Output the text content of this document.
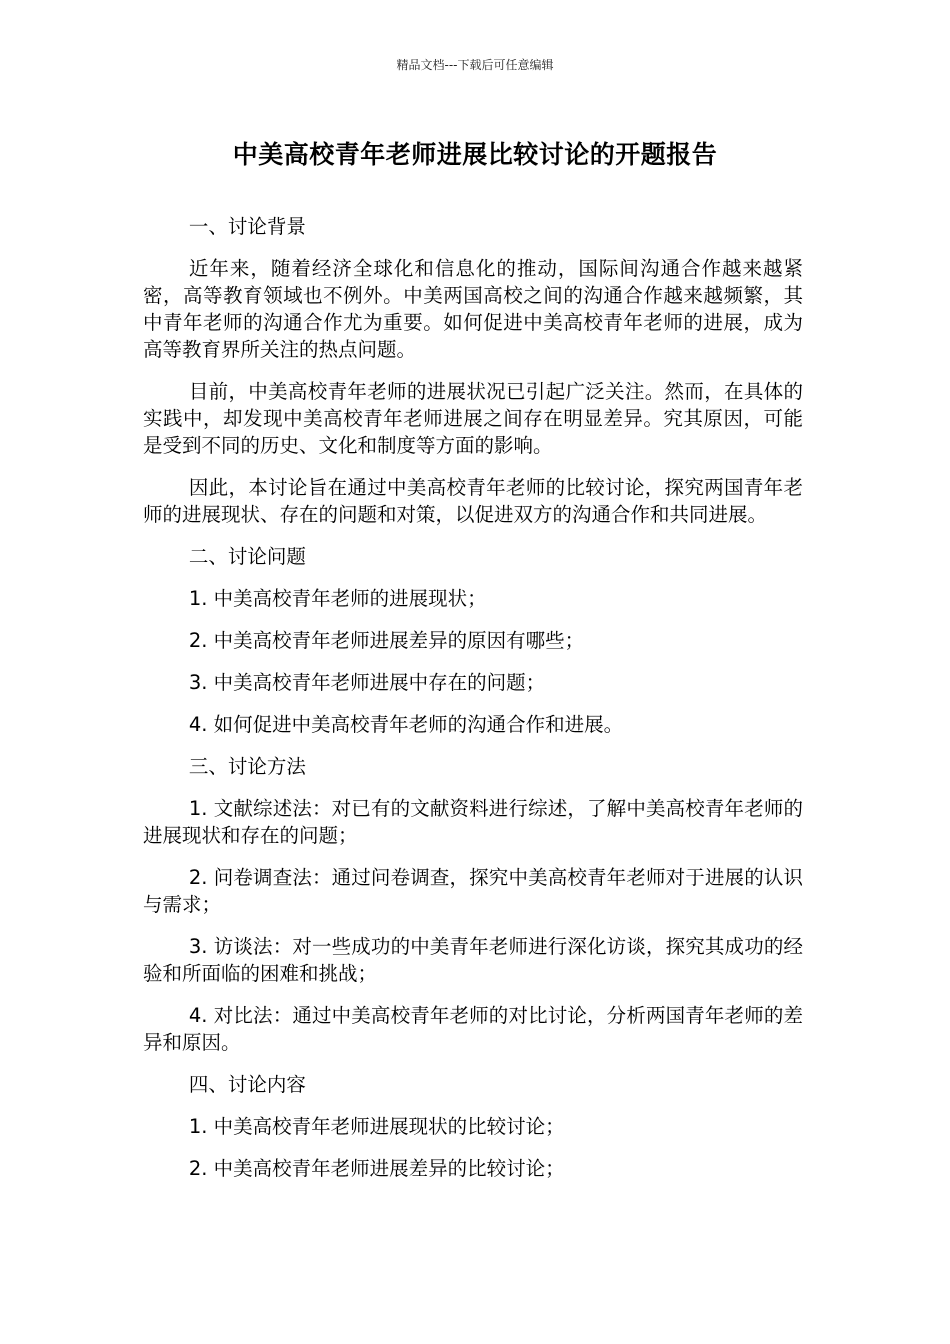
精品文档---下载后可任意编辑
中美高校青年老师进展比较讨论的开题报告

一、讨论背景

近年来，随着经济全球化和信息化的推动，国际间沟通合作越来越紧密，高等教育领域也不例外。中美两国高校之间的沟通合作越来越频繁，其中青年老师的沟通合作尤为重要。如何促进中美高校青年老师的进展，成为高等教育界所关注的热点问题。

目前，中美高校青年老师的进展状况已引起广泛关注。然而，在具体的实践中，却发现中美高校青年老师进展之间存在明显差异。究其原因，可能是受到不同的历史、文化和制度等方面的影响。

因此，本讨论旨在通过中美高校青年老师的比较讨论，探究两国青年老师的进展现状、存在的问题和对策，以促进双方的沟通合作和共同进展。

二、讨论问题

1. 中美高校青年老师的进展现状；

2. 中美高校青年老师进展差异的原因有哪些；

3. 中美高校青年老师进展中存在的问题；

4. 如何促进中美高校青年老师的沟通合作和进展。

三、讨论方法

1. 文献综述法：对已有的文献资料进行综述，了解中美高校青年老师的进展现状和存在的问题；

2. 问卷调查法：通过问卷调查，探究中美高校青年老师对于进展的认识与需求；

3. 访谈法：对一些成功的中美青年老师进行深化访谈，探究其成功的经验和所面临的困难和挑战；

4. 对比法：通过中美高校青年老师的对比讨论，分析两国青年老师的差异和原因。

四、讨论内容

1. 中美高校青年老师进展现状的比较讨论；

2. 中美高校青年老师进展差异的比较讨论；
